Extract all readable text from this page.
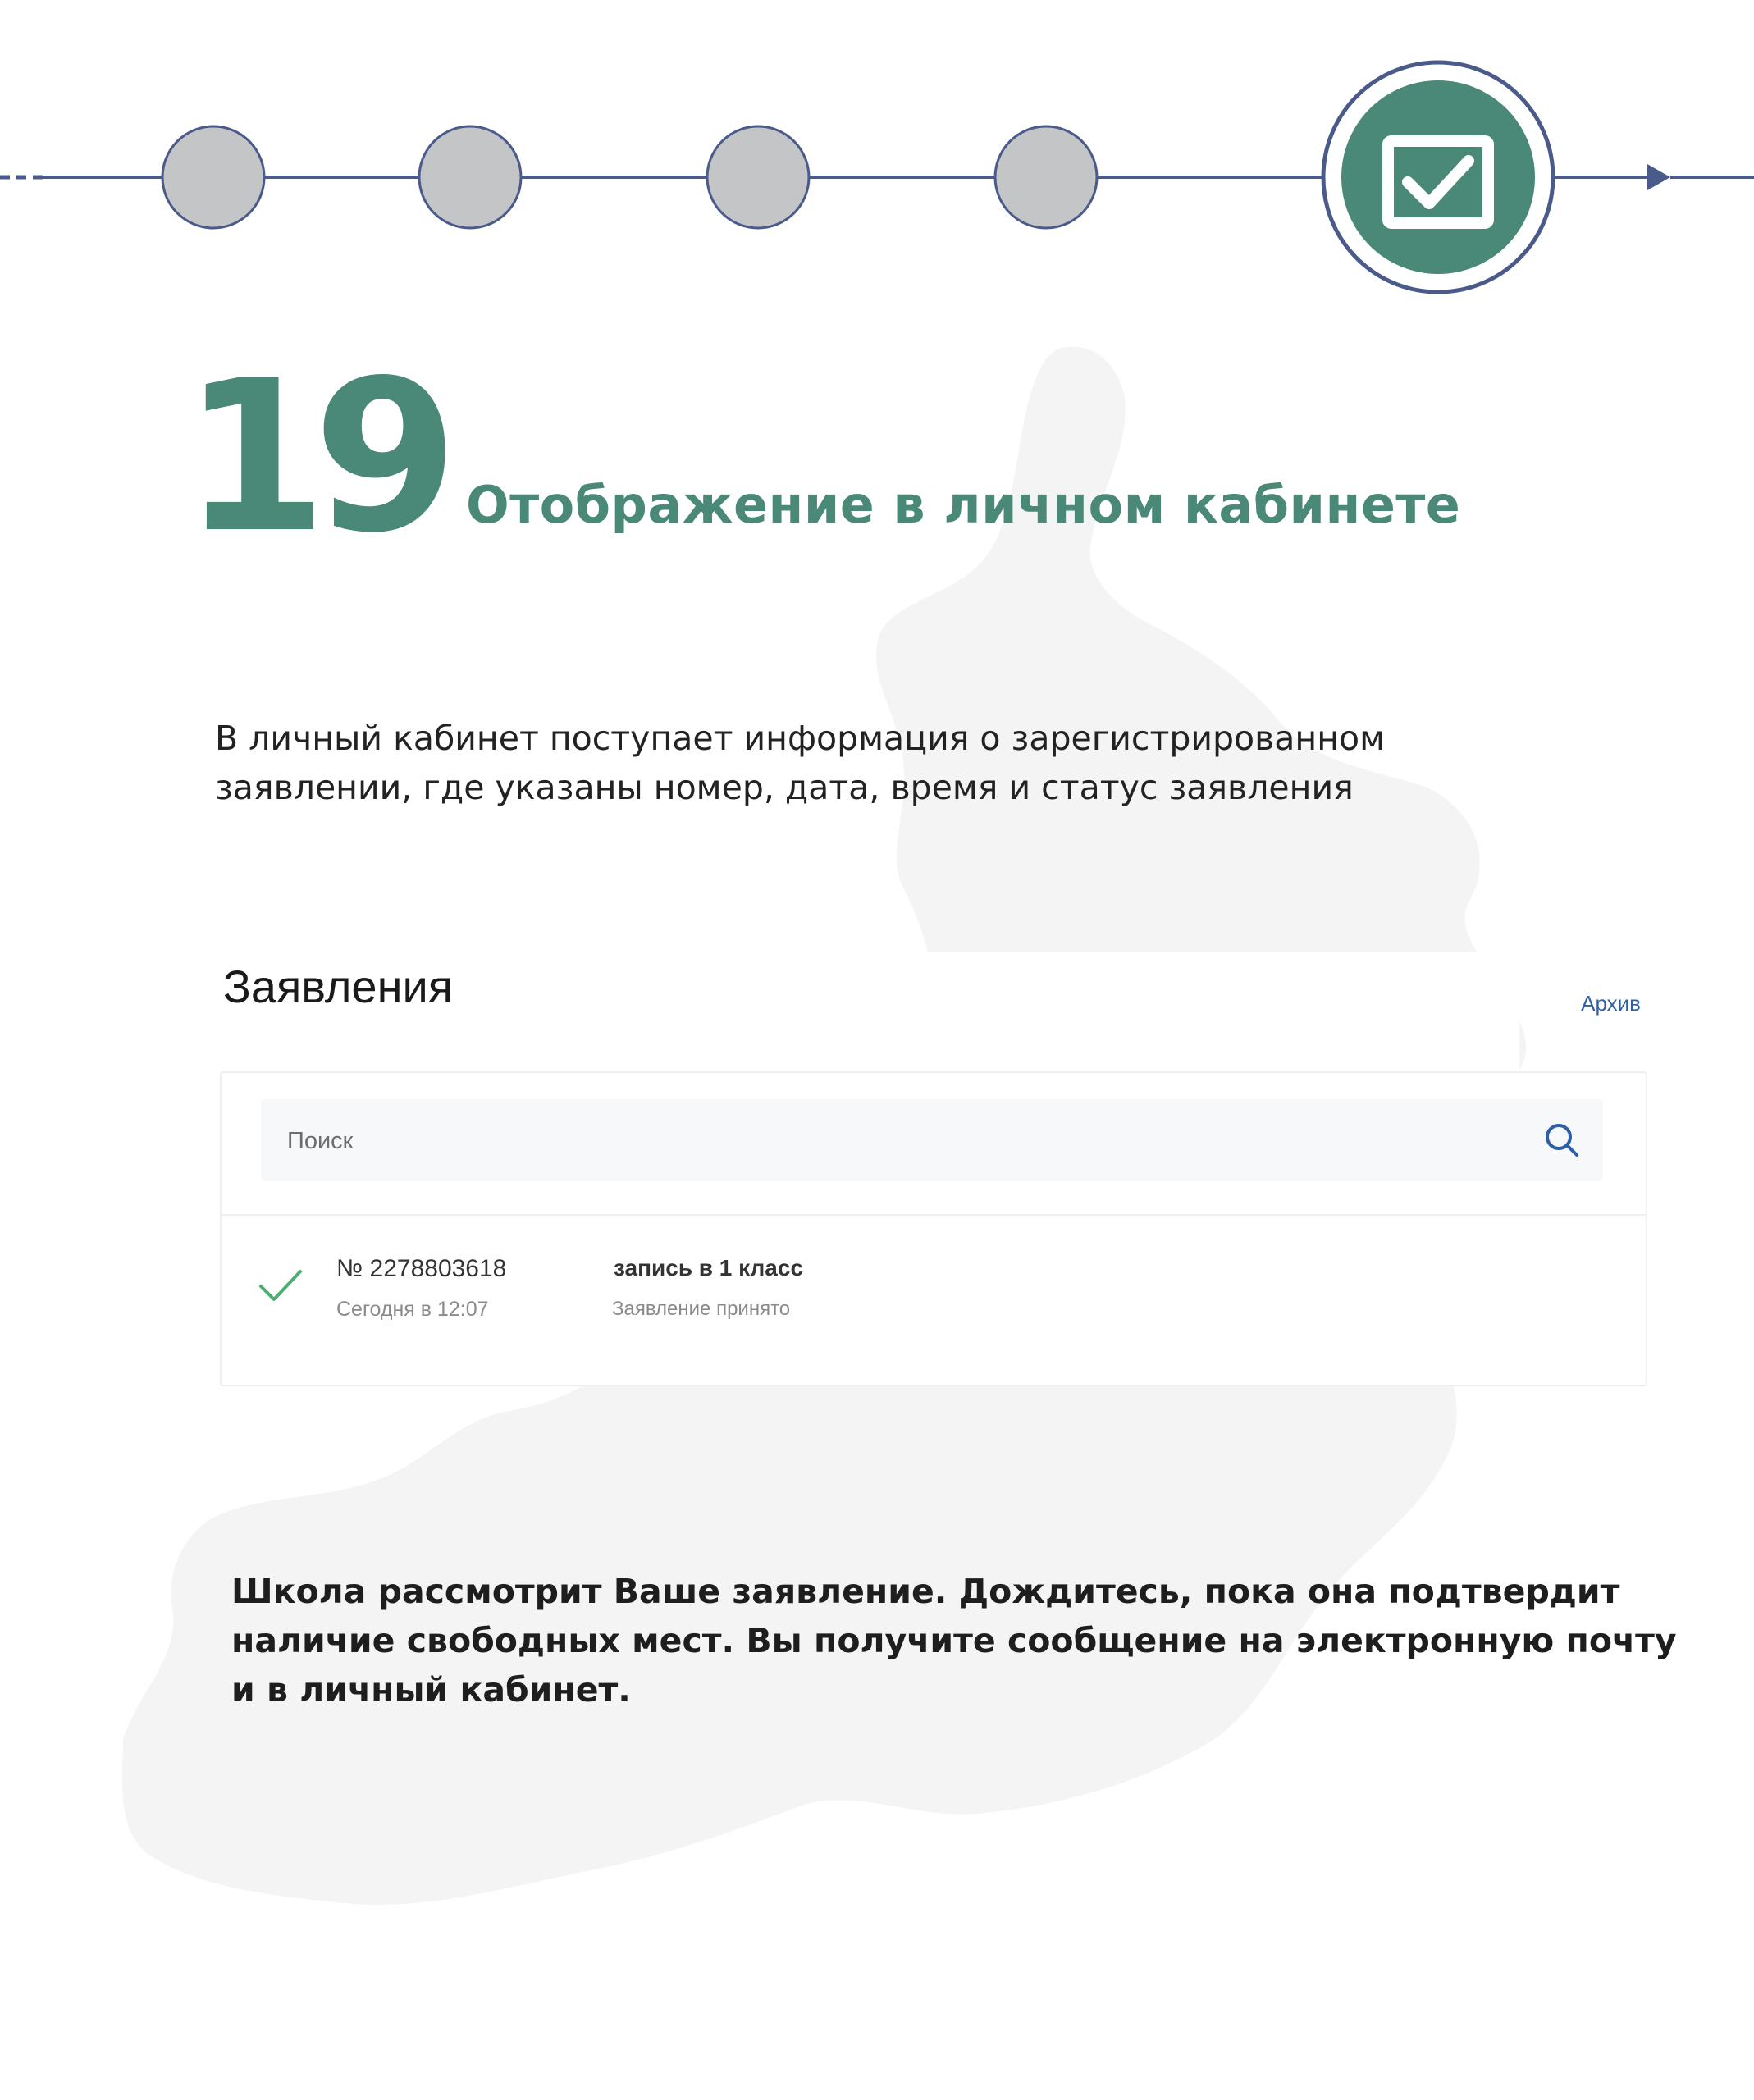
19 Отображение в личном кабинете
В личный кабинет поступает информация о зарегистрированном
заявлении, где указаны номер, дата, время и статус заявления
Заявления	Архив
Поиск
№ 2278803618
Сегодня в 12:07
запись в 1 класс
Заявление принято
Школа рассмотрит Ваше заявление. Дождитесь, пока она подтвердит
наличие свободных мест. Вы получите сообщение на электронную почту
и в личный кабинет.
